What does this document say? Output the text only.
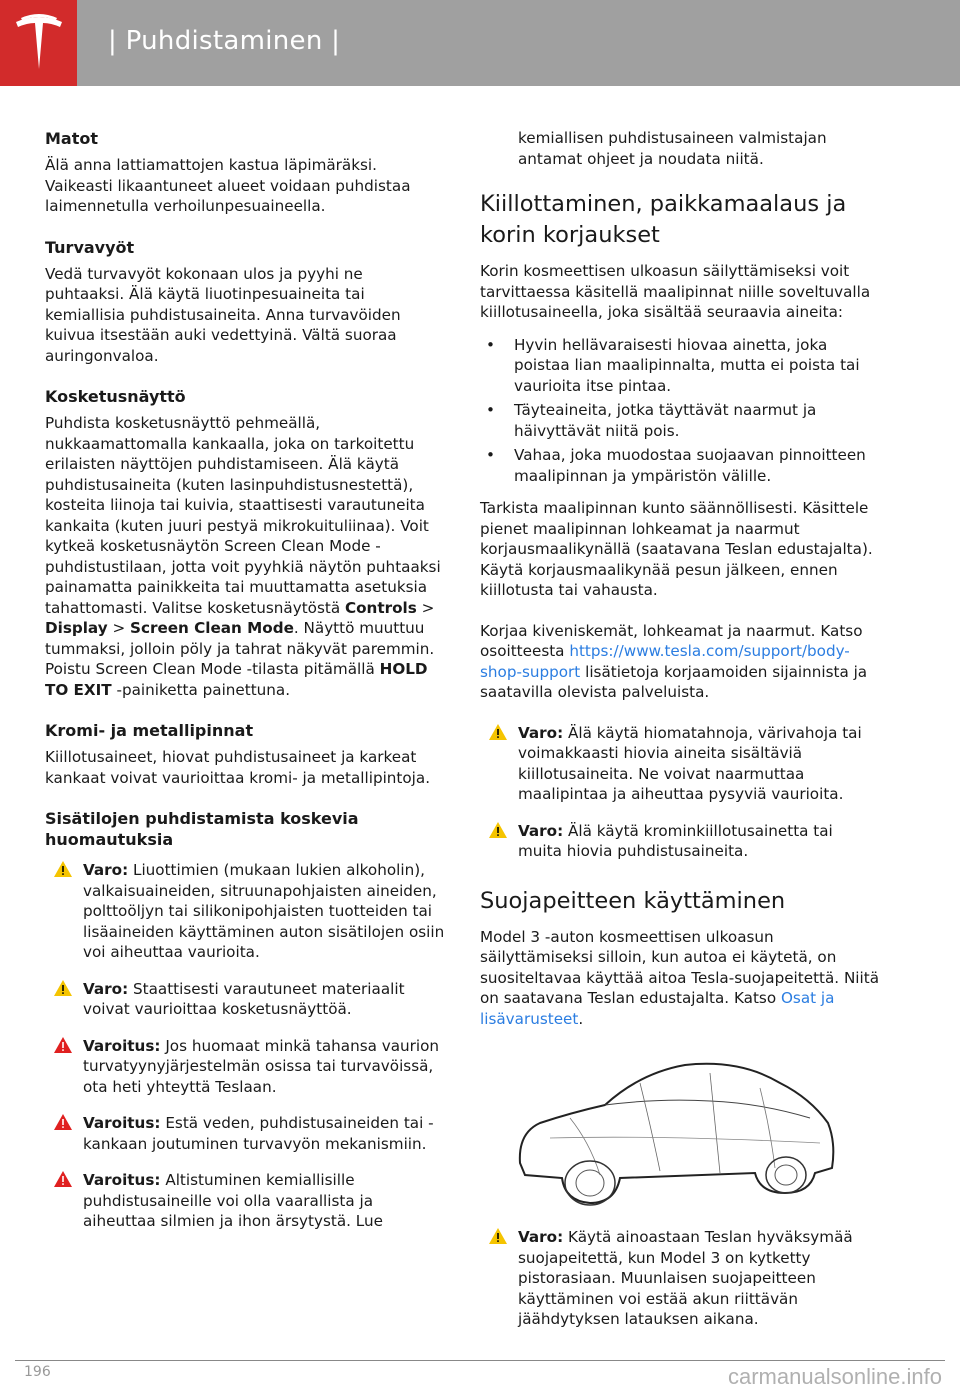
| Puhdistaminen |
Matot

Älä anna lattiamattojen kastua läpimäräksi. Vaikeasti likaantuneet alueet voidaan puhdistaa laimennetulla verhoilunpesuaineella.

Turvavyöt

Vedä turvavyöt kokonaan ulos ja pyyhi ne puhtaaksi. Älä käytä liuotinpesuaineita tai kemiallisia puhdistusaineita. Anna turvavöiden kuivua itsestään auki vedettyinä. Vältä suoraa auringonvaloa.

Kosketusnäyttö

Puhdista kosketusnäyttö pehmeällä, nukkaamattomalla kankaalla, joka on tarkoitettu erilaisten näyttöjen puhdistamiseen. Älä käytä puhdistusaineita (kuten lasinpuhdistusnestettä), kosteita liinoja tai kuivia, staattisesti varautuneita kankaita (kuten juuri pestyä mikrokuituliinaa). Voit kytkeä kosketusnäytön Screen Clean Mode -puhdistustilaan, jotta voit pyyhkiä näytön puhtaaksi painamatta painikkeita tai muuttamatta asetuksia tahattomasti. Valitse kosketusnäytöstä Controls > Display > Screen Clean Mode. Näyttö muuttuu tummaksi, jolloin pöly ja tahrat näkyvät paremmin. Poistu Screen Clean Mode -tilasta pitämällä HOLD TO EXIT -painiketta painettuna.

Kromi- ja metallipinnat

Kiillotusaineet, hiovat puhdistusaineet ja karkeat kankaat voivat vaurioittaa kromi- ja metallipintoja.

Sisätilojen puhdistamista koskevia huomautuksia
Varo: Liuottimien (mukaan lukien alkoholin), valkaisuaineiden, sitruunapohjaisten aineiden, polttoöljyn tai silikonipohjaisten tuotteiden tai lisäaineiden käyttäminen auton sisätilojen osiin voi aiheuttaa vaurioita.
Varo: Staattisesti varautuneet materiaalit voivat vaurioittaa kosketusnäyttöä.
Varoitus: Jos huomaat minkä tahansa vaurion turvatyynyjärjestelmän osissa tai turvavöissä, ota heti yhteyttä Teslaan.
Varoitus: Estä veden, puhdistusaineiden tai -kankaan joutuminen turvavyön mekanismiin.
Varoitus: Altistuminen kemiallisille puhdistusaineille voi olla vaarallista ja aiheuttaa silmien ja ihon ärsytystä. Lue

kemiallisen puhdistusaineen valmistajan antamat ohjeet ja noudata niitä.

Kiillottaminen, paikkamaalaus ja korin korjaukset

Korin kosmeettisen ulkoasun säilyttämiseksi voit tarvittaessa käsitellä maalipinnat niille soveltuvalla kiillotusaineella, joka sisältää seuraavia aineita:

• Hyvin hellävaraisesti hiovaa ainetta, joka poistaa lian maalipinnalta, mutta ei poista tai vaurioita itse pintaa.
• Täyteaineita, jotka täyttävät naarmut ja häivyttävät niitä pois.
• Vahaa, joka muodostaa suojaavan pinnoitteen maalipinnan ja ympäristön välille.

Tarkista maalipinnan kunto säännöllisesti. Käsittele pienet maalipinnan lohkeamat ja naarmut korjausmaalikynällä (saatavana Teslan edustajalta). Käytä korjausmaalikynää pesun jälkeen, ennen kiillotusta tai vahausta.

Korjaa kiveniskemät, lohkeamat ja naarmut. Katso osoitteesta https://www.tesla.com/support/body-shop-support lisätietoja korjaamoiden sijainnista ja saatavilla olevista palveluista.

Varo: Älä käytä hiomatahnoja, värivahoja tai voimakkaasti hiovia aineita sisältäviä kiillotusaineita. Ne voivat naarmuttaa maalipintaa ja aiheuttaa pysyviä vaurioita.
Varo: Älä käytä krominkiillotusainetta tai muita hiovia puhdistusaineita.
Suojapeitteen käyttäminen

Model 3 -auton kosmeettisen ulkoasun säilyttämiseksi silloin, kun autoa ei käytetä, on suositeltavaa käyttää aitoa Tesla-suojapeitettä. Niitä on saatavana Teslan edustajalta. Katso Osat ja lisävarusteet.

Varo: Käytä ainoastaan Teslan hyväksymää suojapeitettä, kun Model 3 on kytketty pistorasiaan. Muunlaisen suojapeitteen käyttäminen voi estää akun riittävän jäähdytyksen latauksen aikana.
196	carmanualsonline.info
